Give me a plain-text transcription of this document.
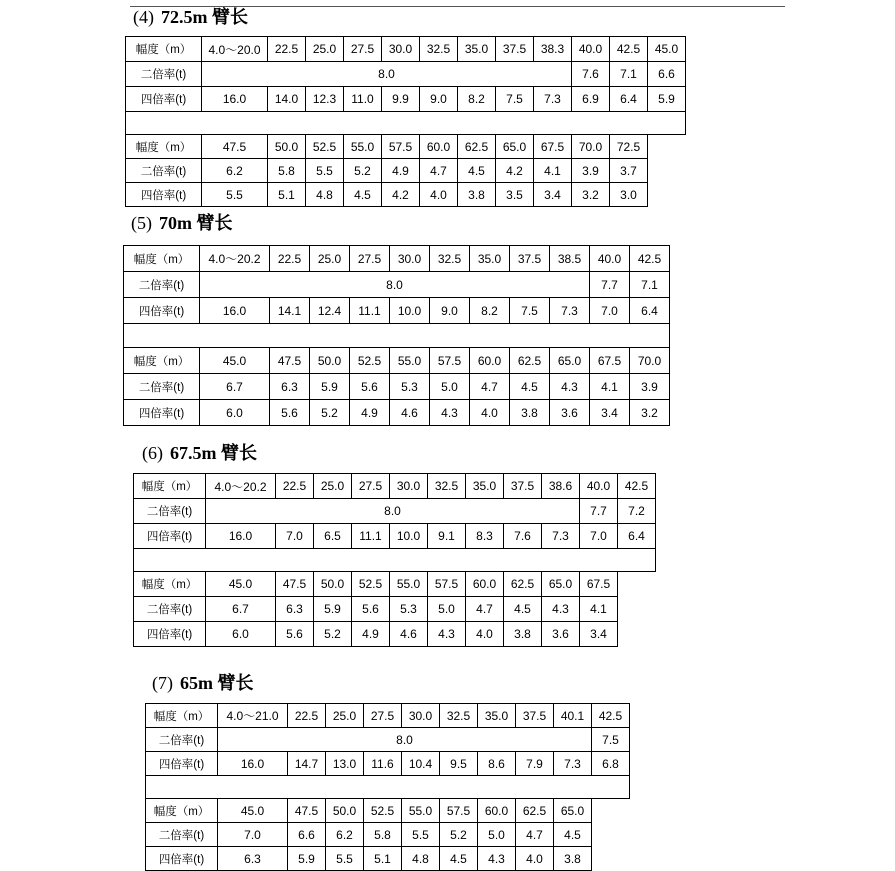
(4) 72.5m 臂长
幅度（m）	4.0～20.0	22.5	25.0	27.5	30.0	32.5	35.0	37.5	38.3	40.0	42.5	45.0
二倍率(t)	8.0									7.6	7.1	6.6
四倍率(t)	16.0	14.0	12.3	11.0	9.9	9.0	8.2	7.5	7.3	6.9	6.4	5.9

幅度（m）	47.5	50.0	52.5	55.0	57.5	60.0	62.5	65.0	67.5	70.0	72.5
二倍率(t)	6.2	5.8	5.5	5.2	4.9	4.7	4.5	4.2	4.1	3.9	3.7
四倍率(t)	5.5	5.1	4.8	4.5	4.2	4.0	3.8	3.5	3.4	3.2	3.0
(5) 70m 臂长
幅度（m）	4.0～20.2	22.5	25.0	27.5	30.0	32.5	35.0	37.5	38.5	40.0	42.5
二倍率(t)	8.0									7.7	7.1
四倍率(t)	16.0	14.1	12.4	11.1	10.0	9.0	8.2	7.5	7.3	7.0	6.4

幅度（m）	45.0	47.5	50.0	52.5	55.0	57.5	60.0	62.5	65.0	67.5	70.0
二倍率(t)	6.7	6.3	5.9	5.6	5.3	5.0	4.7	4.5	4.3	4.1	3.9
四倍率(t)	6.0	5.6	5.2	4.9	4.6	4.3	4.0	3.8	3.6	3.4	3.2
(6) 67.5m 臂长
幅度（m）	4.0～20.2	22.5	25.0	27.5	30.0	32.5	35.0	37.5	38.6	40.0	42.5
二倍率(t)	8.0									7.7	7.2
四倍率(t)	16.0	7.0	6.5	11.1	10.0	9.1	8.3	7.6	7.3	7.0	6.4

幅度（m）	45.0	47.5	50.0	52.5	55.0	57.5	60.0	62.5	65.0	67.5
二倍率(t)	6.7	6.3	5.9	5.6	5.3	5.0	4.7	4.5	4.3	4.1
四倍率(t)	6.0	5.6	5.2	4.9	4.6	4.3	4.0	3.8	3.6	3.4
(7) 65m 臂长
幅度（m）	4.0～21.0	22.5	25.0	27.5	30.0	32.5	35.0	37.5	40.1	42.5
二倍率(t)	8.0									7.5
四倍率(t)	16.0	14.7	13.0	11.6	10.4	9.5	8.6	7.9	7.3	6.8

幅度（m）	45.0	47.5	50.0	52.5	55.0	57.5	60.0	62.5	65.0
二倍率(t)	7.0	6.6	6.2	5.8	5.5	5.2	5.0	4.7	4.5
四倍率(t)	6.3	5.9	5.5	5.1	4.8	4.5	4.3	4.0	3.8
